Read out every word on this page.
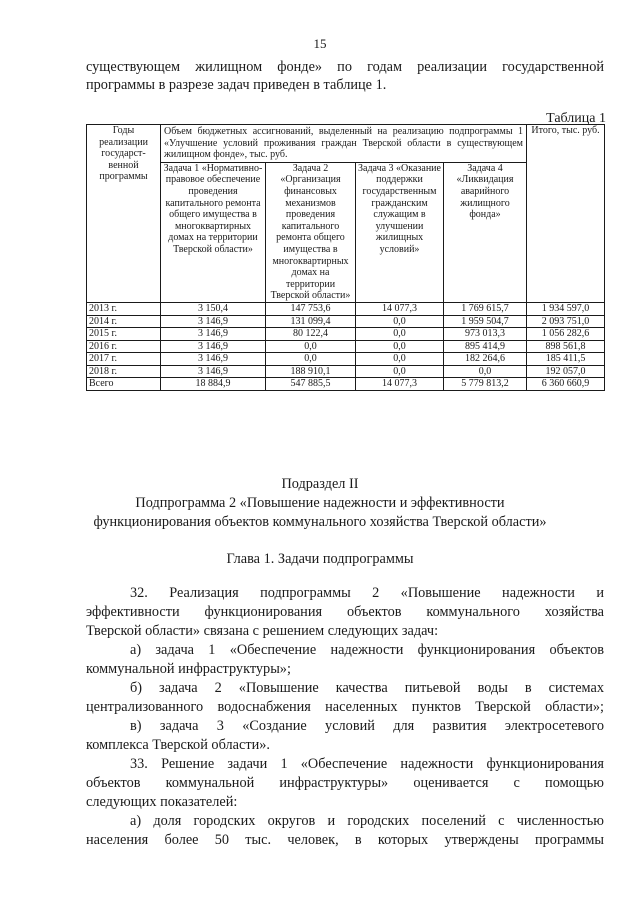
15
существующем жилищном фонде» по годам реализации государственной
программы в разрезе задач приведен в таблице 1.
Таблица 1
Годы реализации государственной программы	Объем бюджетных ассигнований, выделенный на реализацию подпрограммы 1 «Улучшение условий проживания граждан Тверской области в существующем жилищном фонде», тыс. руб.				Итого, тыс. руб.
	Задача 1 «Нормативно-правовое обеспечение проведения капитального ремонта общего имущества в многоквартирных домах на территории Тверской области»	Задача 2 «Организация финансовых механизмов проведения капитального ремонта общего имущества в многоквартирных домах на территории Тверской области»	Задача 3 «Оказание поддержки государственным гражданским служащим в улучшении жилищных условий»	Задача 4 «Ликвидация аварийного жилищного фонда»	
2013 г.	3 150,4	147 753,6	14 077,3	1 769 615,7	1 934 597,0
2014 г.	3 146,9	131 099,4	0,0	1 959 504,7	2 093 751,0
2015 г.	3 146,9	80 122,4	0,0	973 013,3	1 056 282,6
2016 г.	3 146,9	0,0	0,0	895 414,9	898 561,8
2017 г.	3 146,9	0,0	0,0	182 264,6	185 411,5
2018 г.	3 146,9	188 910,1	0,0	0,0	192 057,0
Всего	18 884,9	547 885,5	14 077,3	5 779 813,2	6 360 660,9
Подраздел II
Подпрограмма 2 «Повышение надежности и эффективности
функционирования объектов коммунального хозяйства Тверской области»
Глава 1. Задачи подпрограммы
32. Реализация подпрограммы 2 «Повышение надежности и
эффективности функционирования объектов коммунального хозяйства
Тверской области» связана с решением следующих задач:
а) задача 1 «Обеспечение надежности функционирования объектов
коммунальной инфраструктуры»;
б) задача 2 «Повышение качества питьевой воды в системах
централизованного водоснабжения населенных пунктов Тверской области»;
в) задача 3 «Создание условий для развития электросетевого
комплекса Тверской области».
33. Решение задачи 1 «Обеспечение надежности функционирования
объектов коммунальной инфраструктуры» оценивается с помощью
следующих показателей:
а) доля городских округов и городских поселений с численностью
населения более 50 тыс. человек, в которых утверждены программы
